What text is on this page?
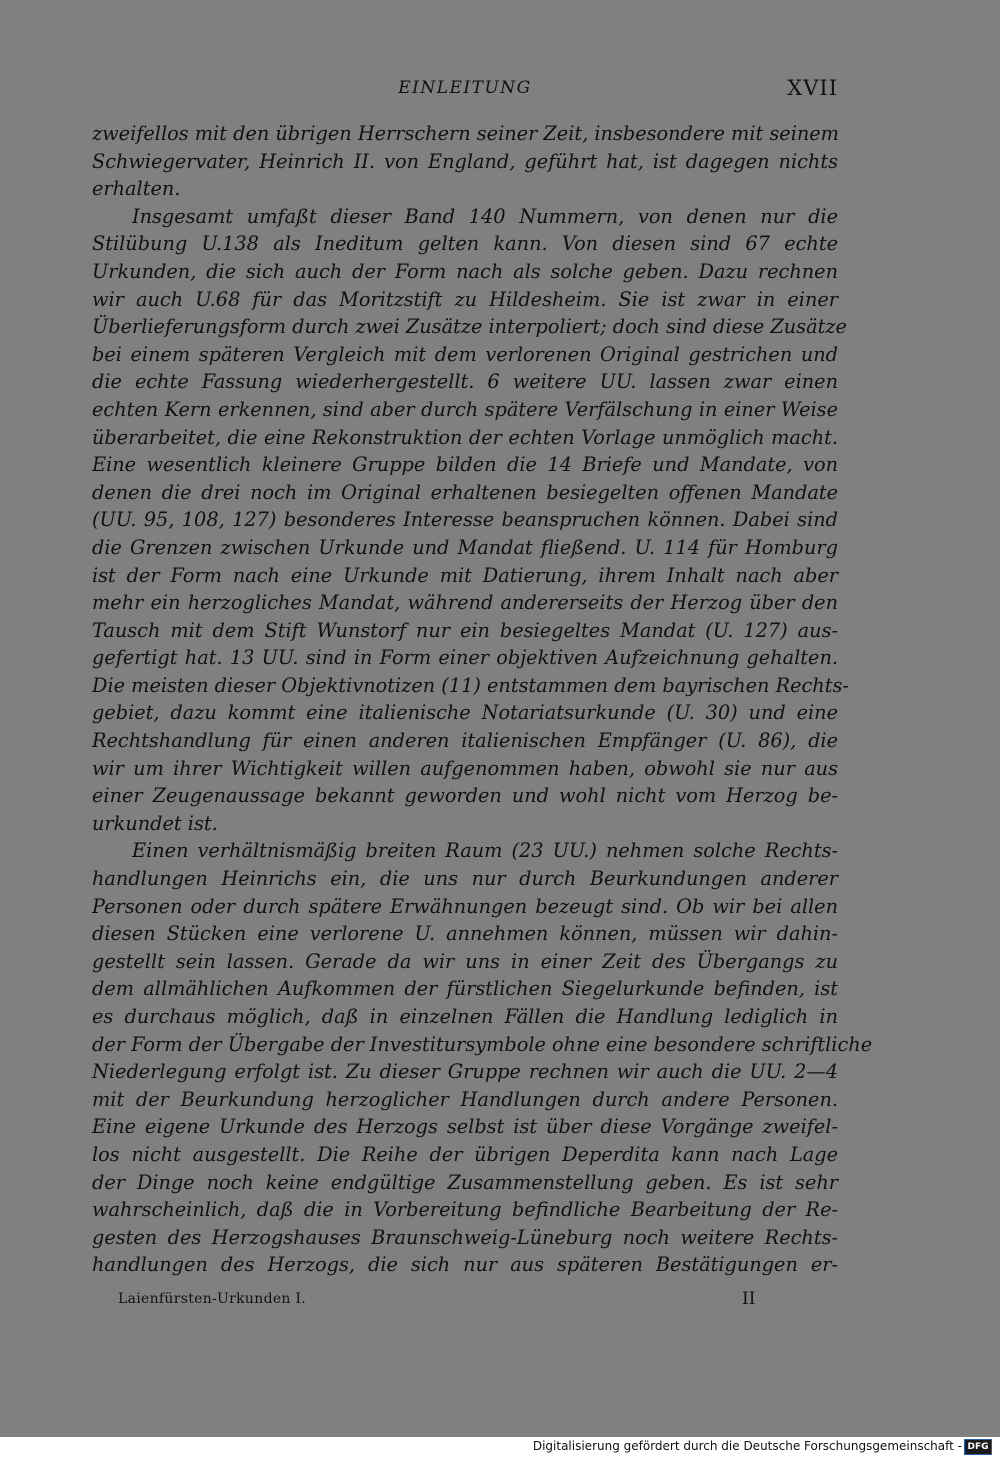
EINLEITUNG	XVII
zweifellos mit den übrigen Herrschern seiner Zeit, insbesondere mit seinem
Schwiegervater, Heinrich II. von England, geführt hat, ist dagegen nichts
erhalten.
Insgesamt umfaßt dieser Band 140 Nummern, von denen nur die
Stilübung U.138 als Ineditum gelten kann. Von diesen sind 67 echte
Urkunden, die sich auch der Form nach als solche geben. Dazu rechnen
wir auch U.68 für das Moritzstift zu Hildesheim. Sie ist zwar in einer
Überlieferungsform durch zwei Zusätze interpoliert; doch sind diese Zusätze
bei einem späteren Vergleich mit dem verlorenen Original gestrichen und
die echte Fassung wiederhergestellt. 6 weitere UU. lassen zwar einen
echten Kern erkennen, sind aber durch spätere Verfälschung in einer Weise
überarbeitet, die eine Rekonstruktion der echten Vorlage unmöglich macht.
Eine wesentlich kleinere Gruppe bilden die 14 Briefe und Mandate, von
denen die drei noch im Original erhaltenen besiegelten offenen Mandate
(UU. 95, 108, 127) besonderes Interesse beanspruchen können. Dabei sind
die Grenzen zwischen Urkunde und Mandat fließend. U. 114 für Homburg
ist der Form nach eine Urkunde mit Datierung, ihrem Inhalt nach aber
mehr ein herzogliches Mandat, während andererseits der Herzog über den
Tausch mit dem Stift Wunstorf nur ein besiegeltes Mandat (U. 127) aus-
gefertigt hat. 13 UU. sind in Form einer objektiven Aufzeichnung gehalten.
Die meisten dieser Objektivnotizen (11) entstammen dem bayrischen Rechts-
gebiet, dazu kommt eine italienische Notariatsurkunde (U. 30) und eine
Rechtshandlung für einen anderen italienischen Empfänger (U. 86), die
wir um ihrer Wichtigkeit willen aufgenommen haben, obwohl sie nur aus
einer Zeugenaussage bekannt geworden und wohl nicht vom Herzog be-
urkundet ist.
Einen verhältnismäßig breiten Raum (23 UU.) nehmen solche Rechts-
handlungen Heinrichs ein, die uns nur durch Beurkundungen anderer
Personen oder durch spätere Erwähnungen bezeugt sind. Ob wir bei allen
diesen Stücken eine verlorene U. annehmen können, müssen wir dahin-
gestellt sein lassen. Gerade da wir uns in einer Zeit des Übergangs zu
dem allmählichen Aufkommen der fürstlichen Siegelurkunde befinden, ist
es durchaus möglich, daß in einzelnen Fällen die Handlung lediglich in
der Form der Übergabe der Investitursymbole ohne eine besondere schriftliche
Niederlegung erfolgt ist. Zu dieser Gruppe rechnen wir auch die UU. 2—4
mit der Beurkundung herzoglicher Handlungen durch andere Personen.
Eine eigene Urkunde des Herzogs selbst ist über diese Vorgänge zweifel-
los nicht ausgestellt. Die Reihe der übrigen Deperdita kann nach Lage
der Dinge noch keine endgültige Zusammenstellung geben. Es ist sehr
wahrscheinlich, daß die in Vorbereitung befindliche Bearbeitung der Re-
gesten des Herzogshauses Braunschweig-Lüneburg noch weitere Rechts-
handlungen des Herzogs, die sich nur aus späteren Bestätigungen er-
Laienfürsten-Urkunden I.	II
Digitalisierung gefördert durch die Deutsche Forschungsgemeinschaft - DFG
